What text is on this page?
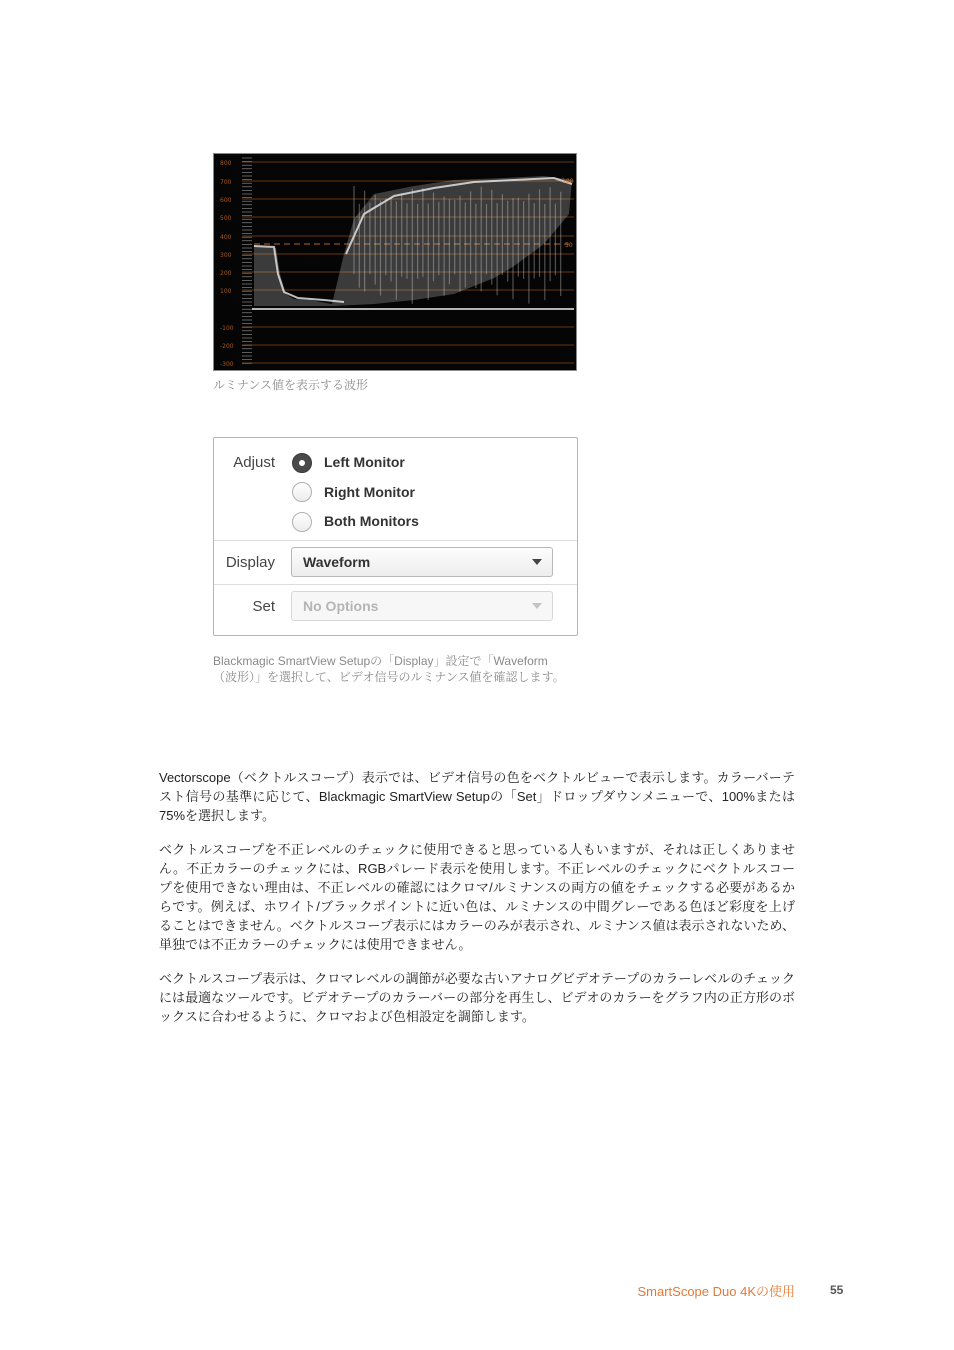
800
700
600
500
400
300
200
100
-100
-200
-300
100
50
ルミナンス値を表示する波形
Adjust	Left Monitor
Right Monitor
Both Monitors
Display Waveform
Set No Options
Blackmagic SmartView Setupの「Display」設定で「Waveform
（波形）」を選択して、ビデオ信号のルミナンス値を確認します。
Vectorscope（ベクトルスコープ）表示では、ビデオ信号の色をベクトルビューで表示します。カラーバーテスト信号の基準に応じて、Blackmagic SmartView Setupの「Set」ドロップダウンメニューで、100%または75%を選択します。
ベクトルスコープを不正レベルのチェックに使用できると思っている人もいますが、それは正しくありません。不正カラーのチェックには、RGBパレード表示を使用します。不正レベルのチェックにベクトルスコープを使用できない理由は、不正レベルの確認にはクロマ/ルミナンスの両方の値をチェックする必要があるからです。例えば、ホワイト/ブラックポイントに近い色は、ルミナンスの中間グレーである色ほど彩度を上げることはできません。ベクトルスコープ表示にはカラーのみが表示され、ルミナンス値は表示されないため、単独では不正カラーのチェックには使用できません。
ベクトルスコープ表示は、クロマレベルの調節が必要な古いアナログビデオテープのカラーレベルのチェックには最適なツールです。ビデオテープのカラーバーの部分を再生し、ビデオのカラーをグラフ内の正方形のボックスに合わせるように、クロマおよび色相設定を調節します。
SmartScope Duo 4Kの使用	55
